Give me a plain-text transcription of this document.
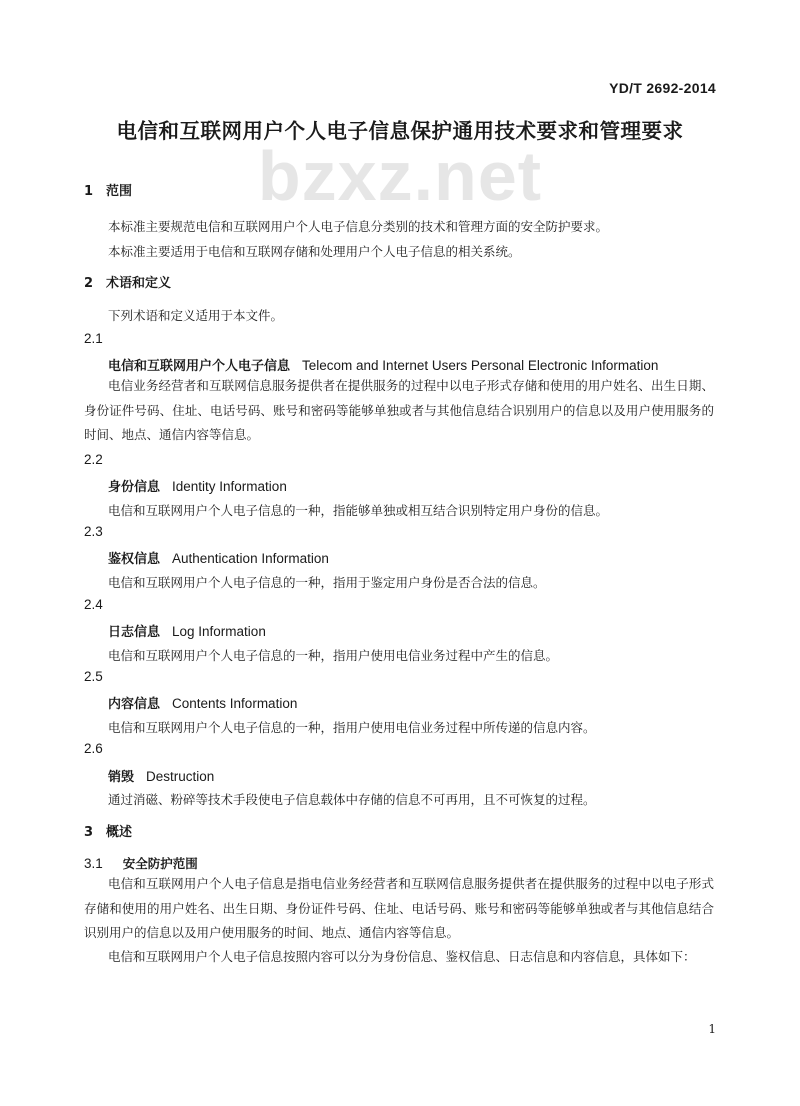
YD/T 2692-2014
电信和互联网用户个人电子信息保护通用技术要求和管理要求
bzxz.net
1 范围
本标准主要规范电信和互联网用户个人电子信息分类别的技术和管理方面的安全防护要求。
本标准主要适用于电信和互联网存储和处理用户个人电子信息的相关系统。
2 术语和定义
下列术语和定义适用于本文件。
2.1
电信和互联网用户个人电子信息 Telecom and Internet Users Personal Electronic Information
电信业务经营者和互联网信息服务提供者在提供服务的过程中以电子形式存储和使用的用户姓名、出生日期、身份证件号码、住址、电话号码、账号和密码等能够单独或者与其他信息结合识别用户的信息以及用户使用服务的时间、地点、通信内容等信息。
2.2
身份信息 Identity Information
电信和互联网用户个人电子信息的一种，指能够单独或相互结合识别特定用户身份的信息。
2.3
鉴权信息 Authentication Information
电信和互联网用户个人电子信息的一种，指用于鉴定用户身份是否合法的信息。
2.4
日志信息 Log Information
电信和互联网用户个人电子信息的一种，指用户使用电信业务过程中产生的信息。
2.5
内容信息 Contents Information
电信和互联网用户个人电子信息的一种，指用户使用电信业务过程中所传递的信息内容。
2.6
销毁 Destruction
通过消磁、粉碎等技术手段使电子信息载体中存储的信息不可再用，且不可恢复的过程。
3 概述
3.1 安全防护范围
电信和互联网用户个人电子信息是指电信业务经营者和互联网信息服务提供者在提供服务的过程中以电子形式存储和使用的用户姓名、出生日期、身份证件号码、住址、电话号码、账号和密码等能够单独或者与其他信息结合识别用户的信息以及用户使用服务的时间、地点、通信内容等信息。
电信和互联网用户个人电子信息按照内容可以分为身份信息、鉴权信息、日志信息和内容信息，具体如下：
1
